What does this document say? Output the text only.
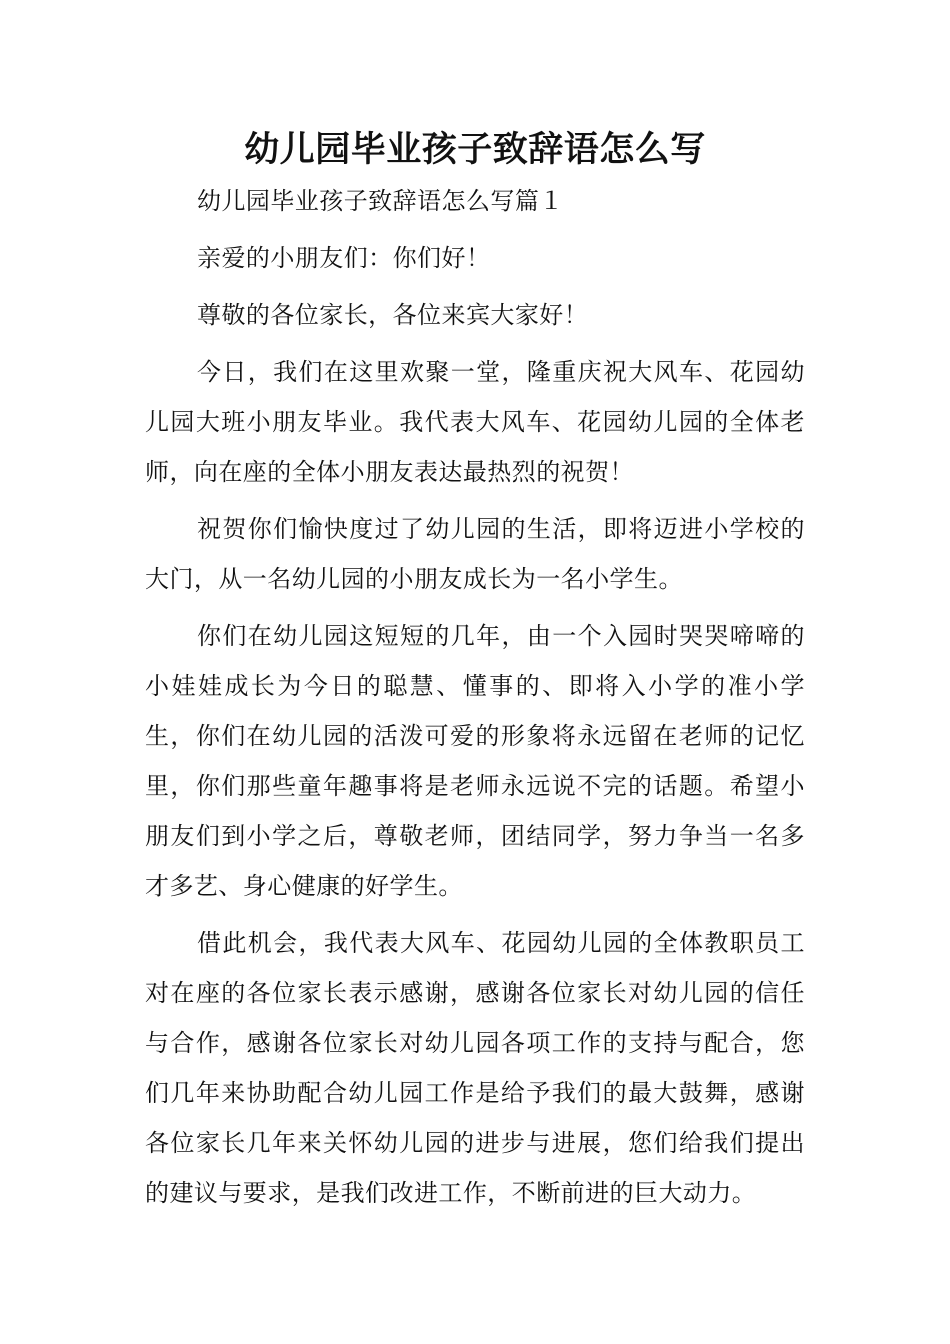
幼儿园毕业孩子致辞语怎么写

幼儿园毕业孩子致辞语怎么写篇１

亲爱的小朋友们：你们好！

尊敬的各位家长，各位来宾大家好！

今日，我们在这里欢聚一堂，隆重庆祝大风车、花园幼儿园大班小朋友毕业。我代表大风车、花园幼儿园的全体老师，向在座的全体小朋友表达最热烈的祝贺！

祝贺你们愉快度过了幼儿园的生活，即将迈进小学校的大门，从一名幼儿园的小朋友成长为一名小学生。

你们在幼儿园这短短的几年，由一个入园时哭哭啼啼的小娃娃成长为今日的聪慧、懂事的、即将入小学的准小学生，你们在幼儿园的活泼可爱的形象将永远留在老师的记忆里，你们那些童年趣事将是老师永远说不完的话题。希望小朋友们到小学之后，尊敬老师，团结同学，努力争当一名多才多艺、身心健康的好学生。

借此机会，我代表大风车、花园幼儿园的全体教职员工对在座的各位家长表示感谢，感谢各位家长对幼儿园的信任与合作，感谢各位家长对幼儿园各项工作的支持与配合，您们几年来协助配合幼儿园工作是给予我们的最大鼓舞，感谢各位家长几年来关怀幼儿园的进步与进展，您们给我们提出的建议与要求，是我们改进工作，不断前进的巨大动力。
